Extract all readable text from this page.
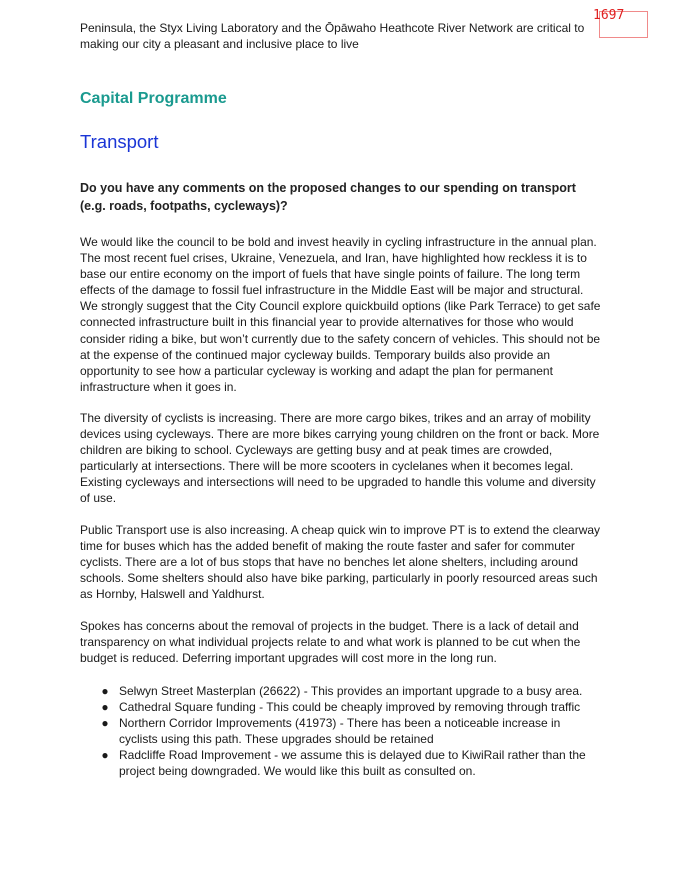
Peninsula, the Styx Living Laboratory and the Ōpāwaho Heathcote River Network are critical to making our city a pleasant and inclusive place to live

1697
Capital Programme
Transport

Do you have any comments on the proposed changes to our spending on transport (e.g. roads, footpaths, cycleways)?

We would like the council to be bold and invest heavily in cycling infrastructure in the annual plan. The most recent fuel crises, Ukraine, Venezuela, and Iran, have highlighted how reckless it is to base our entire economy on the import of fuels that have single points of failure. The long term effects of the damage to fossil fuel infrastructure in the Middle East will be major and structural. We strongly suggest that the City Council explore quickbuild options (like Park Terrace) to get safe connected infrastructure built in this financial year to provide alternatives for those who would consider riding a bike, but won’t currently due to the safety concern of vehicles. This should not be at the expense of the continued major cycleway builds. Temporary builds also provide an opportunity to see how a particular cycleway is working and adapt the plan for permanent infrastructure when it goes in.

The diversity of cyclists is increasing. There are more cargo bikes, trikes and an array of mobility devices using cycleways. There are more bikes carrying young children on the front or back. More children are biking to school. Cycleways are getting busy and at peak times are crowded, particularly at intersections. There will be more scooters in cyclelanes when it becomes legal. Existing cycleways and intersections will need to be upgraded to handle this volume and diversity of use.

Public Transport use is also increasing. A cheap quick win to improve PT is to extend the clearway time for buses which has the added benefit of making the route faster and safer for commuter cyclists. There are a lot of bus stops that have no benches let alone shelters, including around schools. Some shelters should also have bike parking, particularly in poorly resourced areas such as Hornby, Halswell and Yaldhurst.

Spokes has concerns about the removal of projects in the budget. There is a lack of detail and transparency on what individual projects relate to and what work is planned to be cut when the budget is reduced. Deferring important upgrades will cost more in the long run.

● Selwyn Street Masterplan (26622) - This provides an important upgrade to a busy area.
● Cathedral Square funding - This could be cheaply improved by removing through traffic
● Northern Corridor Improvements (41973) - There has been a noticeable increase in cyclists using this path. These upgrades should be retained
● Radcliffe Road Improvement - we assume this is delayed due to KiwiRail rather than the project being downgraded. We would like this built as consulted on.
